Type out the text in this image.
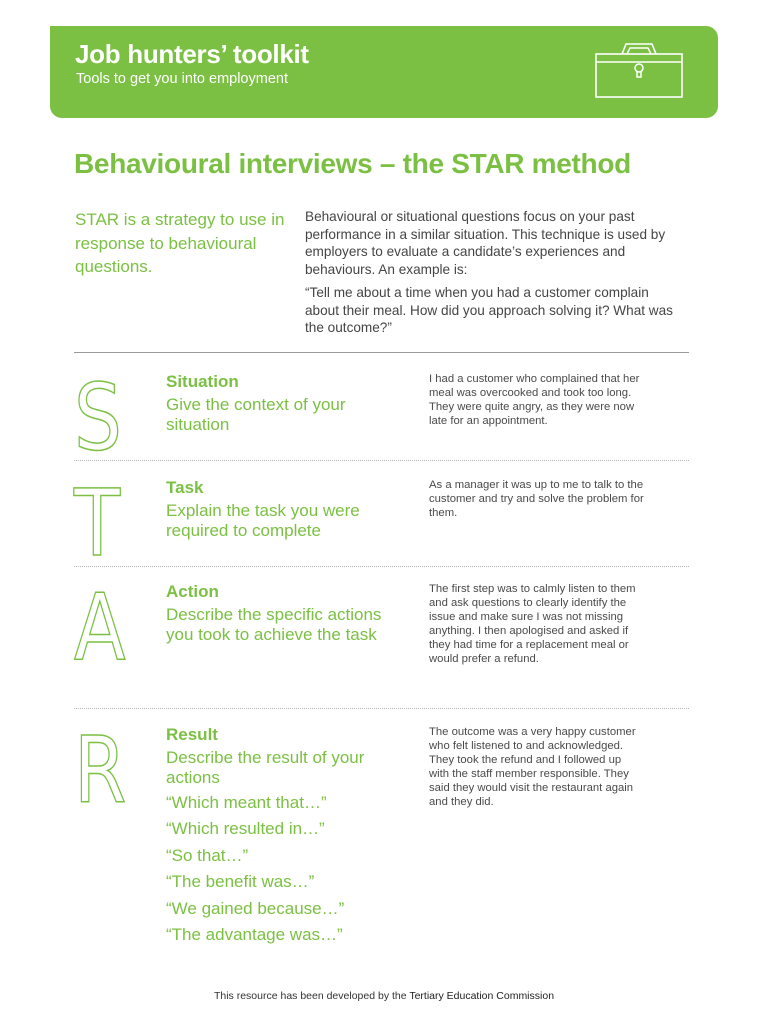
Job hunters’ toolkit

Tools to get you into employment

Behavioural interviews – the STAR method

STAR is a strategy to use in response to behavioural questions.

Behavioural or situational questions focus on your past performance in a similar situation. This technique is used by employers to evaluate a candidate’s experiences and behaviours. An example is:

“Tell me about a time when you had a customer complain about their meal. How did you approach solving it? What was the outcome?”

S	Situation

Give the context of your situation

I had a customer who complained that her meal was overcooked and took too long. They were quite angry, as they were now late for an appointment.

T	Task

Explain the task you were required to complete

As a manager it was up to me to talk to the customer and try and solve the problem for them.

A	Action

Describe the specific actions you took to achieve the task

The first step was to calmly listen to them and ask questions to clearly identify the issue and make sure I was not missing anything. I then apologised and asked if they had time for a replacement meal or would prefer a refund.

R	Result

Describe the result of your actions

The outcome was a very happy customer who felt listened to and acknowledged. They took the refund and I followed up with the staff member responsible. They said they would visit the restaurant again and they did.

“Which meant that…”
“Which resulted in…”
“So that…”
“The benefit was…”
“We gained because…”
“The advantage was…”
This resource has been developed by the Tertiary Education Commission
